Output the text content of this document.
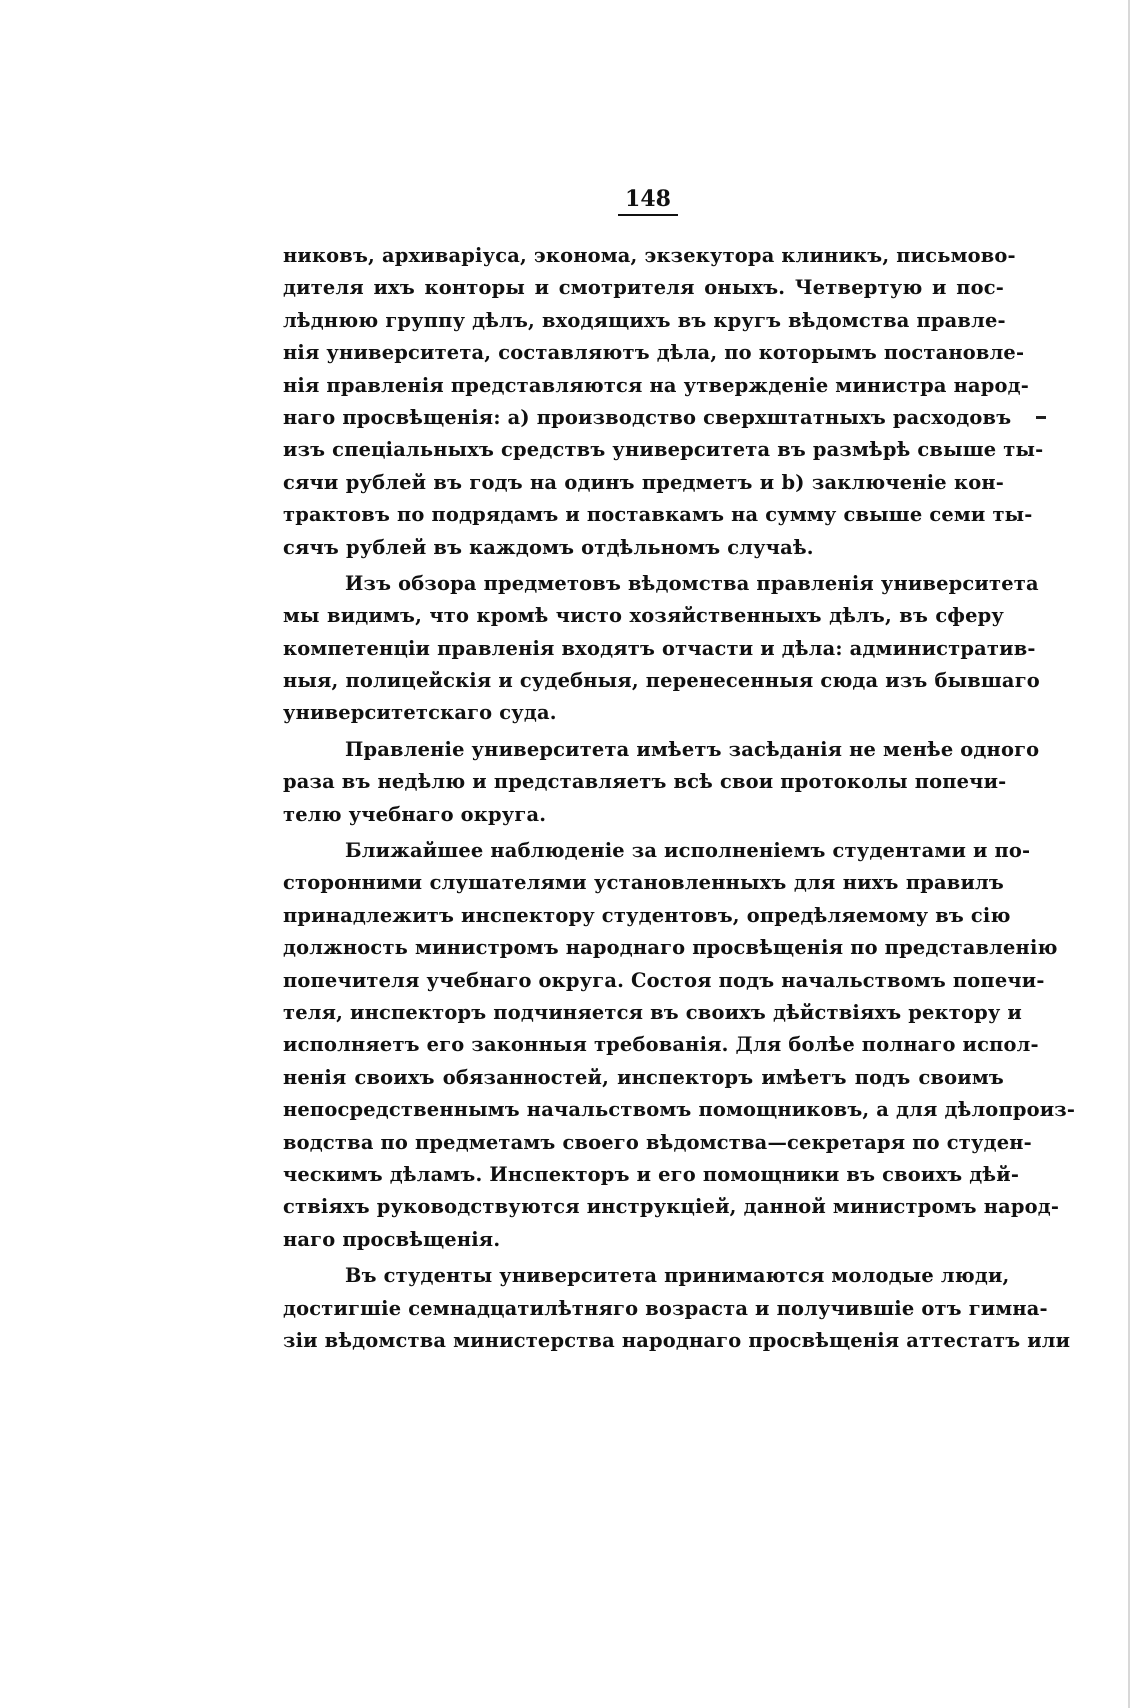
148
никовъ, архиваріуса, эконома, экзекутора клиникъ, письмово-
дителя ихъ конторы и смотрителя оныхъ. Четвертую и пос-
лѣднюю группу дѣлъ, входящихъ въ кругъ вѣдомства правле-
нія университета, составляютъ дѣла, по которымъ постановле-
нія правленія представляются на утвержденіе министра народ-
наго просвѣщенія: а) производство сверхштатныхъ расходовъ
изъ спеціальныхъ средствъ университета въ размѣрѣ свыше ты-
сячи рублей въ годъ на одинъ предметъ и b) заключеніе кон-
трактовъ по подрядамъ и поставкамъ на сумму свыше семи ты-
сячъ рублей въ каждомъ отдѣльномъ случаѣ.
Изъ обзора предметовъ вѣдомства правленія университета
мы видимъ, что кромѣ чисто хозяйственныхъ дѣлъ, въ сферу
компетенціи правленія входятъ отчасти и дѣла: административ-
ныя, полицейскія и судебныя, перенесенныя сюда изъ бывшаго
университетскаго суда.
Правленіе университета имѣетъ засѣданія не менѣе одного
раза въ недѣлю и представляетъ всѣ свои протоколы попечи-
телю учебнаго округа.
Ближайшее наблюденіе за исполненіемъ студентами и по-
сторонними слушателями установленныхъ для нихъ правилъ
принадлежитъ инспектору студентовъ, опредѣляемому въ сію
должность министромъ народнаго просвѣщенія по представленію
попечителя учебнаго округа. Состоя подъ начальствомъ попечи-
теля, инспекторъ подчиняется въ своихъ дѣйствіяхъ ректору и
исполняетъ его законныя требованія. Для болѣе полнаго испол-
ненія своихъ обязанностей, инспекторъ имѣетъ подъ своимъ
непосредственнымъ начальствомъ помощниковъ, а для дѣлопроиз-
водства по предметамъ своего вѣдомства—секретаря по студен-
ческимъ дѣламъ. Инспекторъ и его помощники въ своихъ дѣй-
ствіяхъ руководствуются инструкціей, данной министромъ народ-
наго просвѣщенія.
Въ студенты университета принимаются молодые люди,
достигшіе семнадцатилѣтняго возраста и получившіе отъ гимна-
зіи вѣдомства министерства народнаго просвѣщенія аттестатъ или
